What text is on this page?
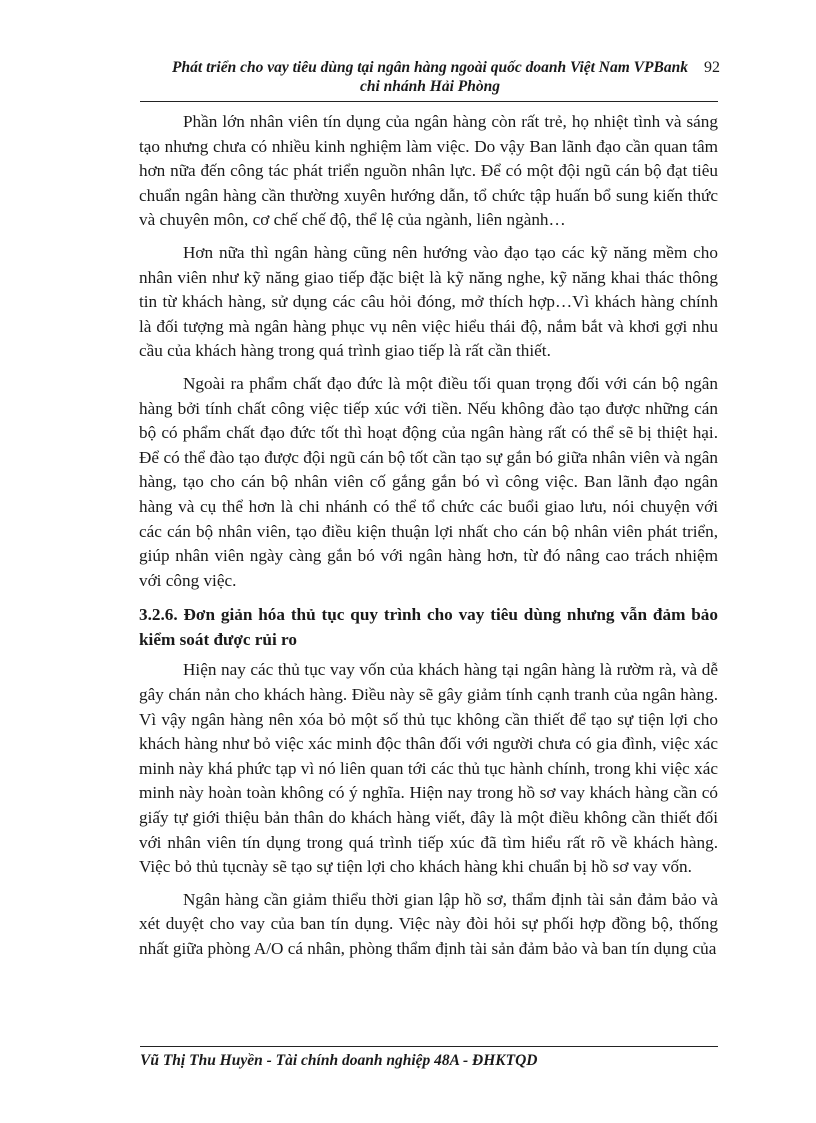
Phát triển cho vay tiêu dùng tại ngân hàng ngoài quốc doanh Việt Nam VPBank
chi nhánh Hải Phòng
92

Phần lớn nhân viên tín dụng của ngân hàng còn rất trẻ, họ nhiệt tình và sáng tạo nhưng chưa có nhiều kinh nghiệm làm việc. Do vậy Ban lãnh đạo cần quan tâm hơn nữa đến công tác phát triển nguồn nhân lực. Để có một đội ngũ cán bộ đạt tiêu chuẩn ngân hàng cần thường xuyên hướng dẫn, tổ chức tập huấn bổ sung kiến thức và chuyên môn, cơ chế chế độ, thể lệ của ngành, liên ngành…

Hơn nữa thì ngân hàng cũng nên hướng vào đạo tạo các kỹ năng mềm cho nhân viên như kỹ năng giao tiếp đặc biệt là kỹ năng nghe, kỹ năng khai thác thông tin từ khách hàng, sử dụng các câu hỏi đóng, mở thích hợp…Vì khách hàng chính là đối tượng mà ngân hàng phục vụ nên việc hiểu thái độ, nắm bắt và khơi gợi nhu cầu của khách hàng trong quá trình giao tiếp là rất cần thiết.

Ngoài ra phẩm chất đạo đức là một điều tối quan trọng đối với cán bộ ngân hàng bởi tính chất công việc tiếp xúc với tiền. Nếu không đào tạo được những cán bộ có phẩm chất đạo đức tốt thì hoạt động của ngân hàng rất có thể sẽ bị thiệt hại. Để có thể đào tạo được đội ngũ cán bộ tốt cần tạo sự gắn bó giữa nhân viên và ngân hàng, tạo cho cán bộ nhân viên cố gắng gắn bó vì công việc. Ban lãnh đạo ngân hàng và cụ thể hơn là chi nhánh có thể tổ chức các buổi giao lưu, nói chuyện với các cán bộ nhân viên, tạo điều kiện thuận lợi nhất cho cán bộ nhân viên phát triển, giúp nhân viên ngày càng gắn bó với ngân hàng hơn, từ đó nâng cao trách nhiệm với công việc.

3.2.6. Đơn giản hóa thủ tục quy trình cho vay tiêu dùng nhưng vẫn đảm bảo kiểm soát được rủi ro

Hiện nay các thủ tục vay vốn của khách hàng tại ngân hàng là rườm rà, và dễ gây chán nản cho khách hàng. Điều này sẽ gây giảm tính cạnh tranh của ngân hàng. Vì vậy ngân hàng nên xóa bỏ một số thủ tục không cần thiết để tạo sự tiện lợi cho khách hàng như bỏ việc xác minh độc thân đối với người chưa có gia đình, việc xác minh này khá phức tạp vì nó liên quan tới các thủ tục hành chính, trong khi việc xác minh này hoàn toàn không có ý nghĩa. Hiện nay trong hồ sơ vay khách hàng cần có giấy tự giới thiệu bản thân do khách hàng viết, đây là một điều không cần thiết đối với nhân viên tín dụng trong quá trình tiếp xúc đã tìm hiểu rất rõ về khách hàng. Việc bỏ thủ tụcnày sẽ tạo sự tiện lợi cho khách hàng khi chuẩn bị hồ sơ vay vốn.

Ngân hàng cần giảm thiểu thời gian lập hồ sơ, thẩm định tài sản đảm bảo và xét duyệt cho vay của ban tín dụng. Việc này đòi hỏi sự phối hợp đồng bộ, thống nhất giữa phòng A/O cá nhân, phòng thẩm định tài sản đảm bảo và ban tín dụng của

Vũ Thị Thu Huyền - Tài chính doanh nghiệp 48A - ĐHKTQD
